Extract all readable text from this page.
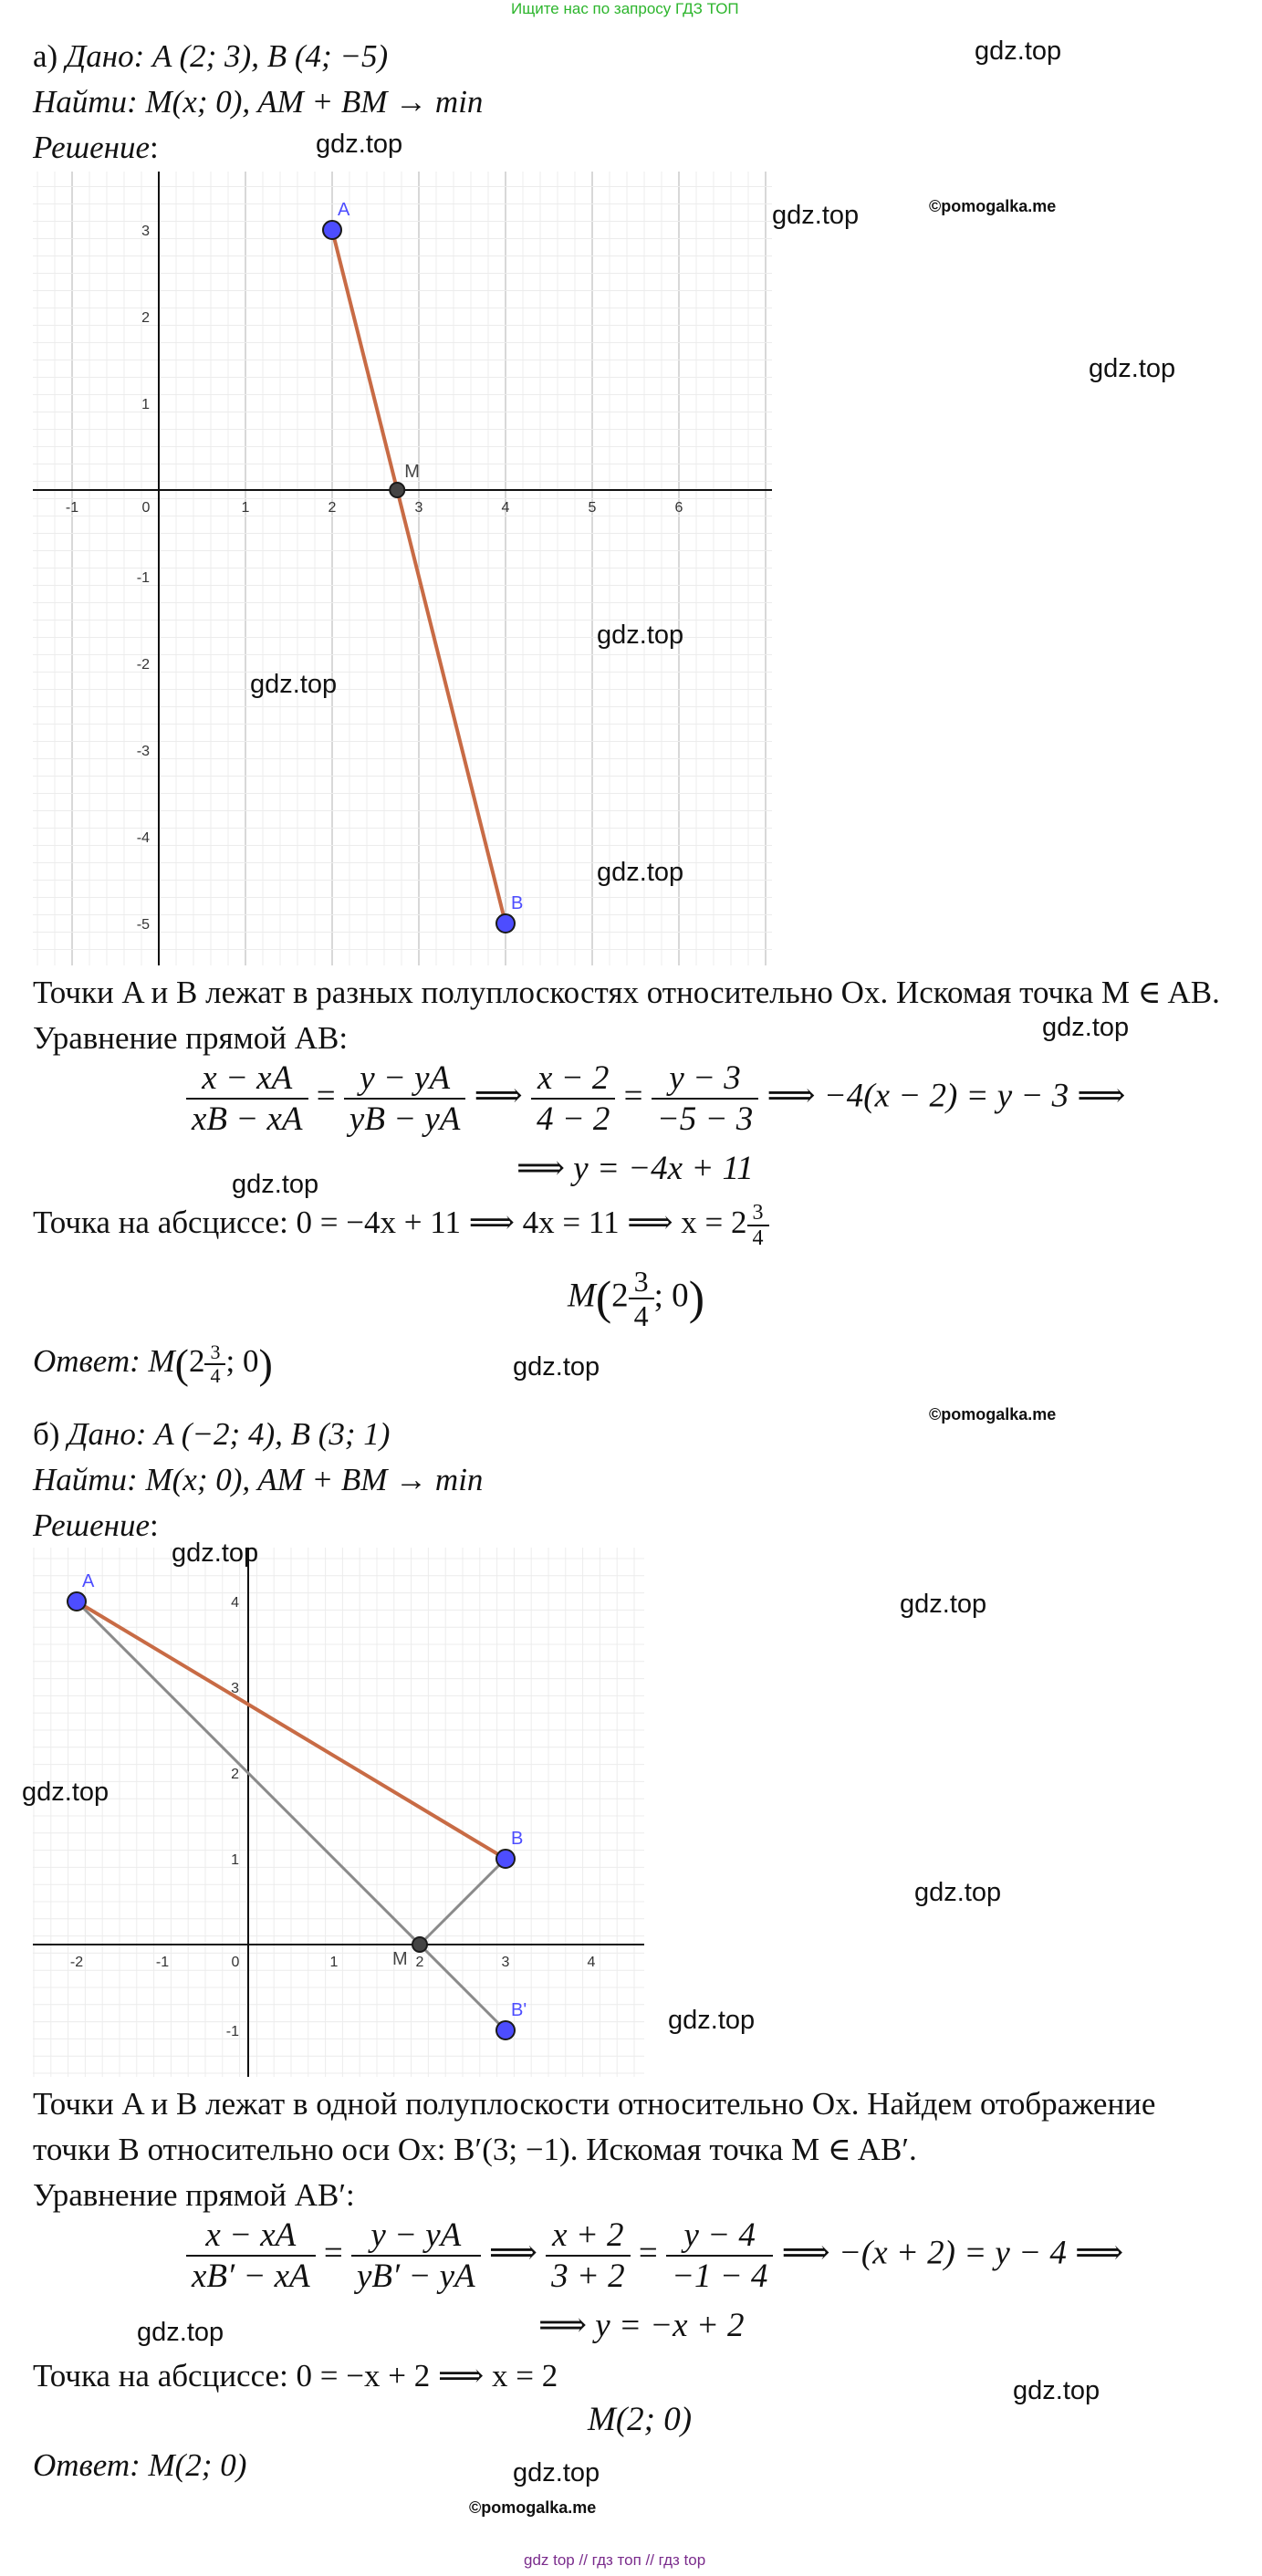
Ищите нас по запросу ГДЗ ТОП
а) Дано: A (2; 3), B (4; −5)
Найти: M(x; 0), AM + BM → min
Решение:
-1	0	1	2	3	4	5	6
3
2
1
-1
-2
-3
-4
-5
A
M
B
Точки A и B лежат в разных полуплоскостях относительно Ox. Искомая точка M ∈ AB.
Уравнение прямой AB:
$\frac{x - xA}{xB - xA} = \frac{y - yA}{yB - yA}$ ⟹ $\frac{x - 2}{4 - 2} = \frac{y - 3}{-5 - 3}$ ⟹ −4(x − 2) = y − 3 ⟹
⟹ y = −4x + 11
Точка на абсциссе: 0 = −4x + 11 ⟹ 4x = 11 ⟹ $x = 2 \frac{3}{4}$
$M(2 \frac{3}{4}$ ; 0)
Ответ: $M(2 \frac{3}{4}$ ; 0)
б) Дано: A (−2; 4), B (3; 1)
Найти: M(x; 0), AM + BM → min
Решение:
-2	-1	0	1	2	3	4
4
3
2
1
-1
A
B
M
B'
Точки A и B лежат в одной полуплоскости относительно Ox. Найдем отображение
точки B относительно оси Ox: B′(3; −1). Искомая точка M ∈ AB′.
Уравнение прямой AB′:
$\frac{x - xA}{xB' - xA} = \frac{y - yA}{yB' - yA}$ ⟹ $\frac{x + 2}{3 + 2} = \frac{y - 4}{-1 - 4}$ ⟹ −(x + 2) = y − 4 ⟹
⟹ y = −x + 2
Точка на абсциссе: 0 = −x + 2 ⟹ x = 2
M(2; 0)
Ответ: M(2; 0)
gdz.top
gdz.top
gdz.top	©pomogalka.me
gdz.top
gdz.top
gdz.top
gdz.top
gdz.top
gdz.top
gdz.top
©pomogalka.me
gdz.top
gdz.top
gdz.top
gdz.top
gdz.top
gdz.top
gdz.top
gdz.top
©pomogalka.me
gdz top // гдз топ // гдз top
